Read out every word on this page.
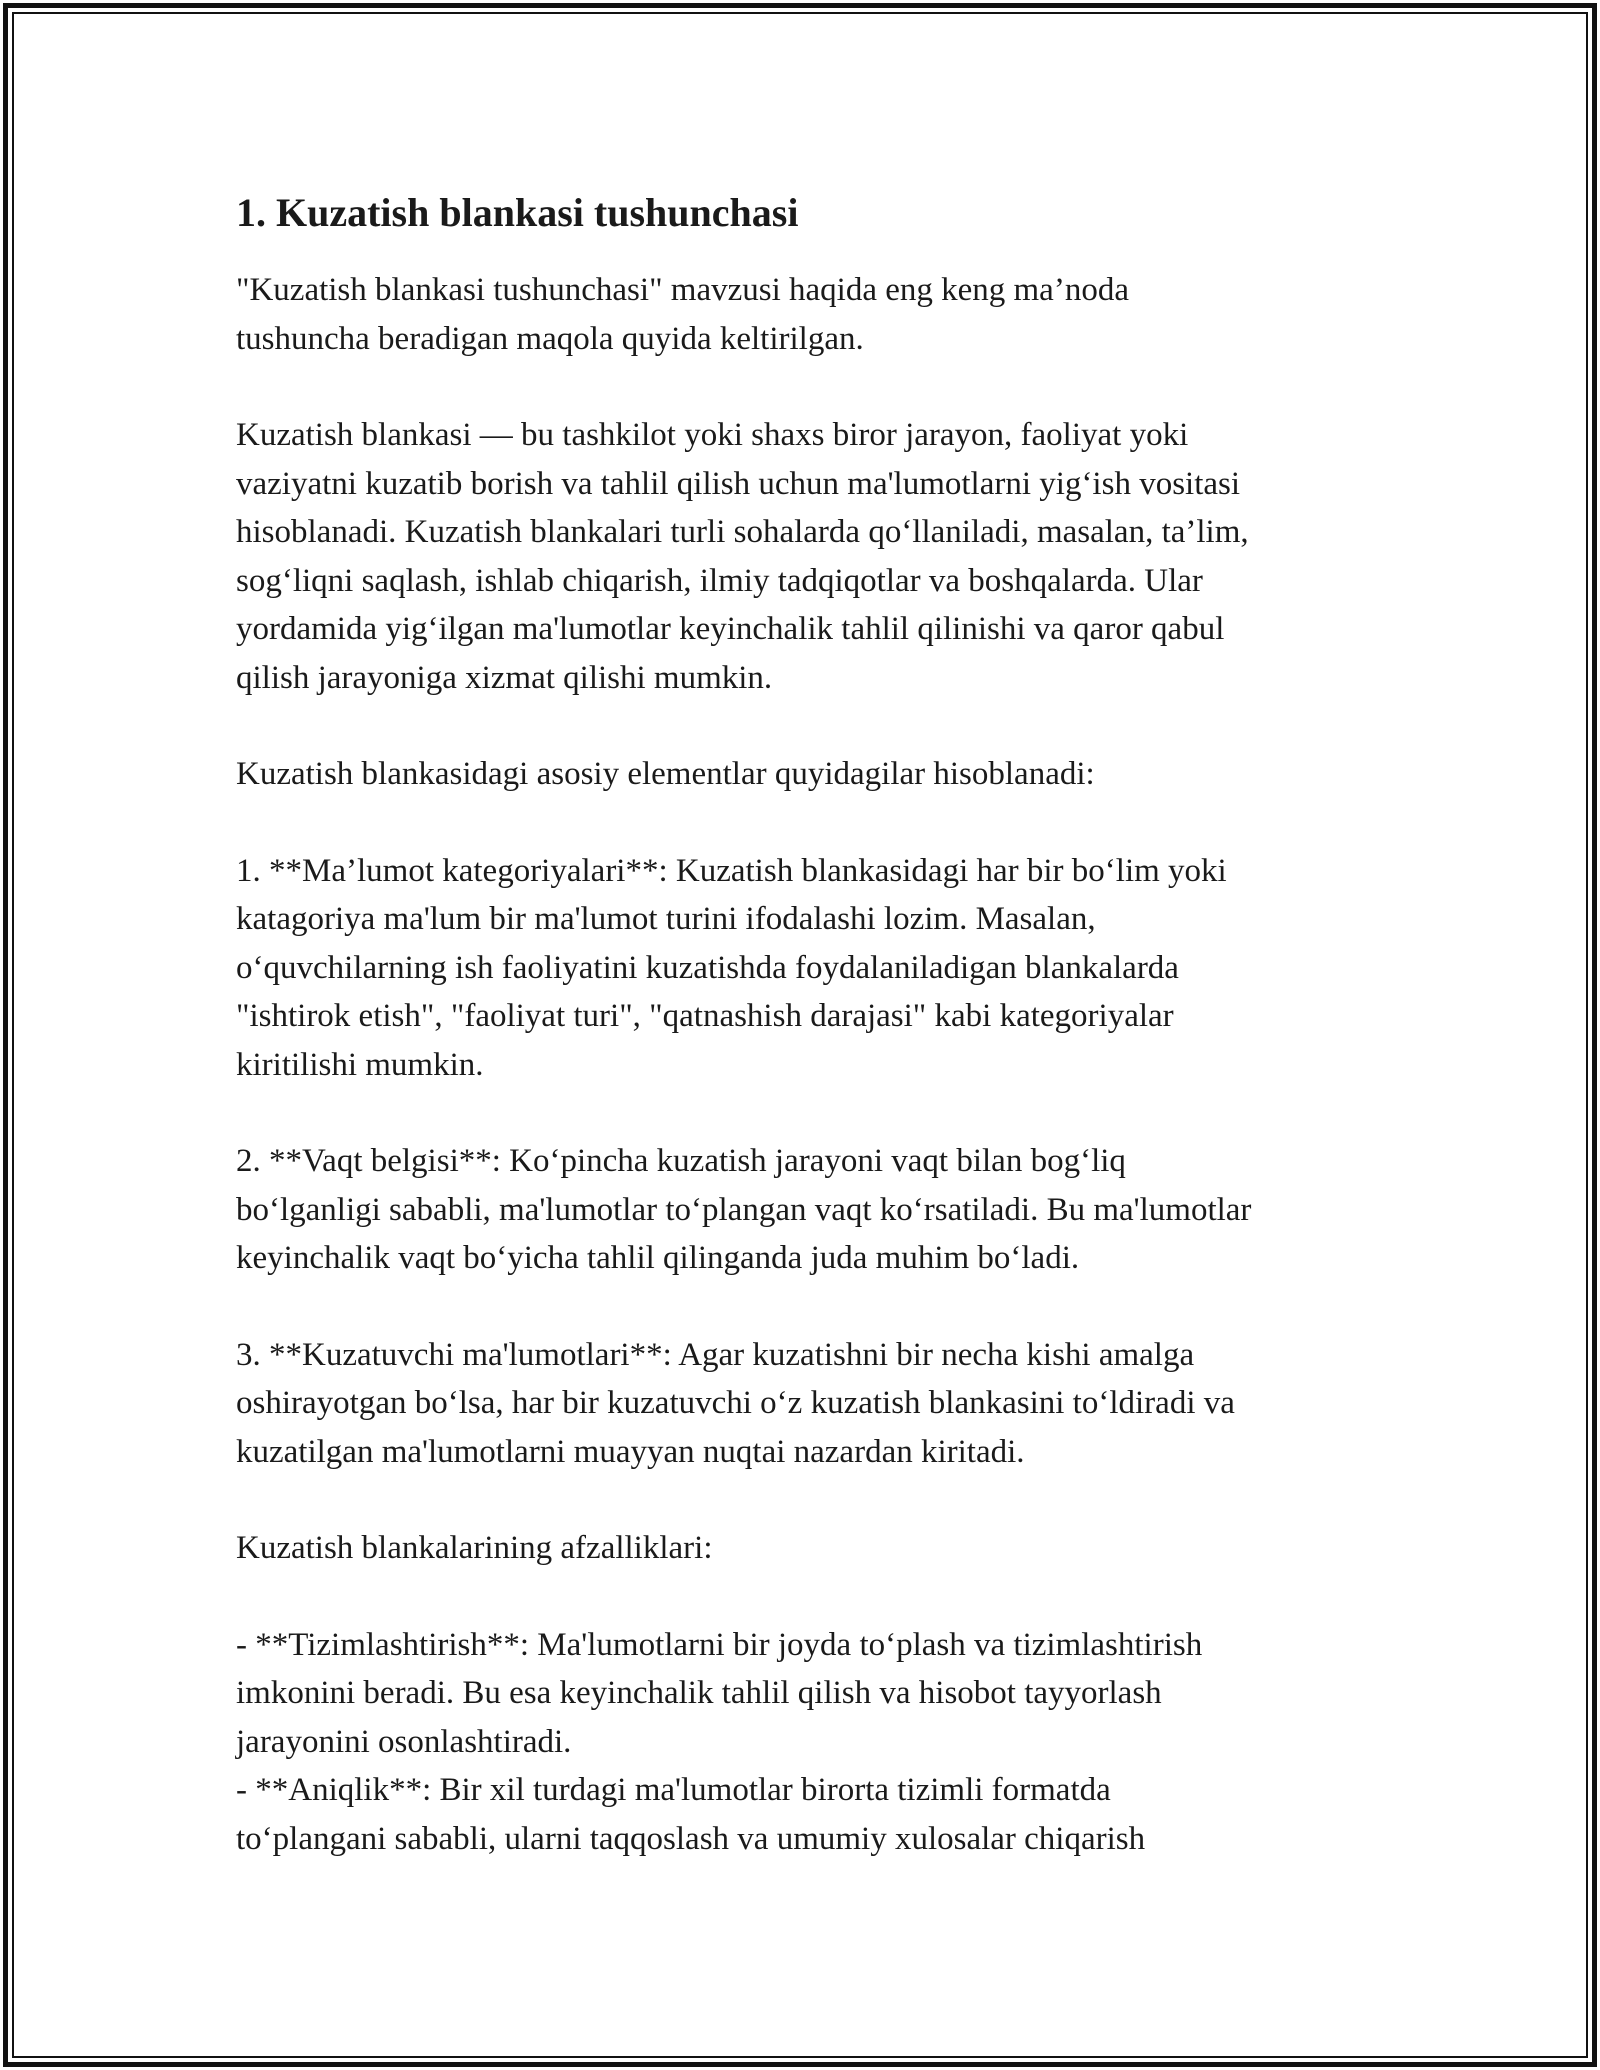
1. Kuzatish blankasi tushunchasi

"Kuzatish blankasi tushunchasi" mavzusi haqida eng keng ma’noda
tushuncha beradigan maqola quyida keltirilgan.

Kuzatish blankasi — bu tashkilot yoki shaxs biror jarayon, faoliyat yoki
vaziyatni kuzatib borish va tahlil qilish uchun ma'lumotlarni yig‘ish vositasi
hisoblanadi. Kuzatish blankalari turli sohalarda qo‘llaniladi, masalan, ta’lim,
sog‘liqni saqlash, ishlab chiqarish, ilmiy tadqiqotlar va boshqalarda. Ular
yordamida yig‘ilgan ma'lumotlar keyinchalik tahlil qilinishi va qaror qabul
qilish jarayoniga xizmat qilishi mumkin.

Kuzatish blankasidagi asosiy elementlar quyidagilar hisoblanadi:

1. **Ma’lumot kategoriyalari**: Kuzatish blankasidagi har bir bo‘lim yoki
katagoriya ma'lum bir ma'lumot turini ifodalashi lozim. Masalan,
o‘quvchilarning ish faoliyatini kuzatishda foydalaniladigan blankalarda
"ishtirok etish", "faoliyat turi", "qatnashish darajasi" kabi kategoriyalar
kiritilishi mumkin.

2. **Vaqt belgisi**: Ko‘pincha kuzatish jarayoni vaqt bilan bog‘liq
bo‘lganligi sababli, ma'lumotlar to‘plangan vaqt ko‘rsatiladi. Bu ma'lumotlar
keyinchalik vaqt bo‘yicha tahlil qilinganda juda muhim bo‘ladi.

3. **Kuzatuvchi ma'lumotlari**: Agar kuzatishni bir necha kishi amalga
oshirayotgan bo‘lsa, har bir kuzatuvchi o‘z kuzatish blankasini to‘ldiradi va
kuzatilgan ma'lumotlarni muayyan nuqtai nazardan kiritadi.

Kuzatish blankalarining afzalliklari:

- **Tizimlashtirish**: Ma'lumotlarni bir joyda to‘plash va tizimlashtirish
imkonini beradi. Bu esa keyinchalik tahlil qilish va hisobot tayyorlash
jarayonini osonlashtiradi.

- **Aniqlik**: Bir xil turdagi ma'lumotlar birorta tizimli formatda
to‘plangani sababli, ularni taqqoslash va umumiy xulosalar chiqarish
